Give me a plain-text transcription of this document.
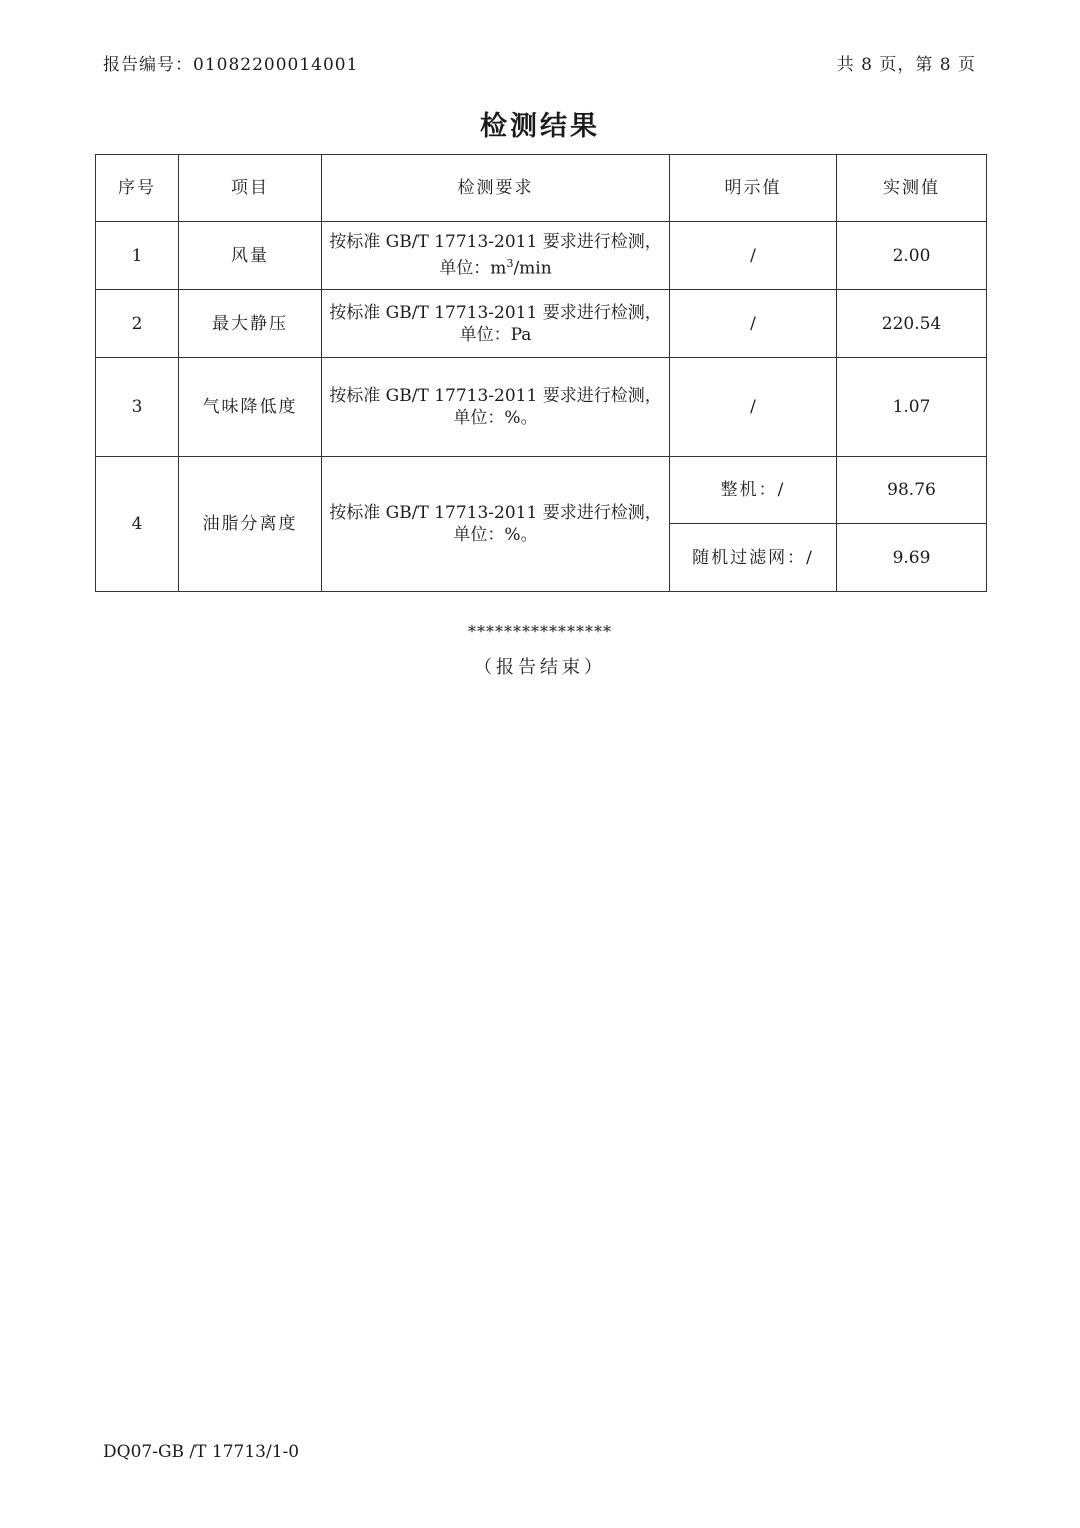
报告编号：01082200014001	共 8 页，第 8 页
检测结果
序号	项目	检测要求	明示值	实测值
1	风量	按标准 GB/T 17713-2011 要求进行检测，
单位：$m^3/\min$	/	2.00
2	最大静压	按标准 GB/T 17713-2011 要求进行检测，
单位：Pa	/	220.54
3	气味降低度	按标准 GB/T 17713-2011 要求进行检测，
单位：%。	/	1.07
4	油脂分离度	按标准 GB/T 17713-2011 要求进行检测，
单位：%。	整机：/	98.76
			随机过滤网：/	9.69
****************
（报告结束）
DQ07-GB /T 17713/1-0
